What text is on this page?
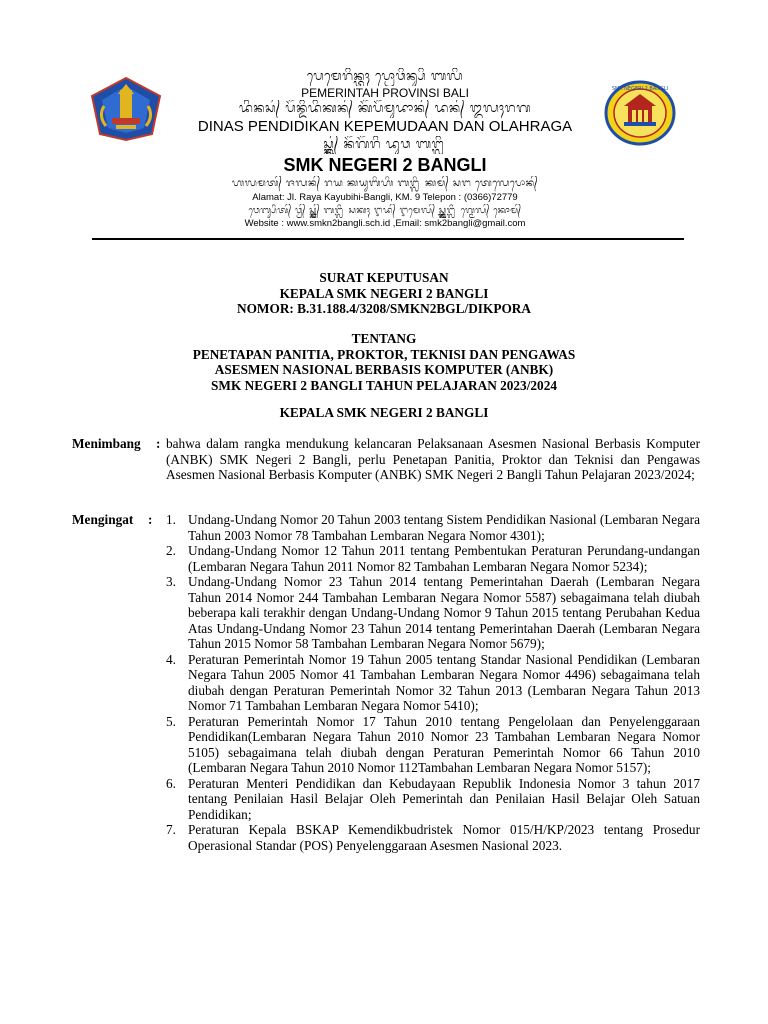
SMK NEGERI 2 BANGLI
ᬧᬾᬫᬾᬭᬶᬦ᭄ᬢᬄ ᬧ᭄ᬭᭀᬯᬶᬦ᭄ᬲᬶ ᬩᬮᬶ
PEMERINTAH PROVINSI BALI
ᬤᬶᬦᬲ᭄ ᬧᭂᬦ᭄ᬤᬶᬤᬶᬓᬦ᭄ ᬓᭂᬧᭂᬫᬸᬤᬵᬦ᭄ ᬤᬦ᭄ ᬑᬮᬄᬭᬕ
DINAS PENDIDIKAN KEPEMUDAAN DAN OLAHRAGA
ᬲ᭄ᬫ᭄ᬓ᭄ ᬦᭂᬕᭂᬭᬶ ᬤᬸᬯ ᬩᬗ᭄ᬮᬶ
SMK NEGERI 2 BANGLI
ᬳᬮᬫᬢ᭄ ᬚᬮᬦ᭄ ᬭᬬ ᬓᬬᬸᬩᬶᬳᬶ ᬩᬗ᭄ᬮᬶ ᬓᬫ᭄ ᬲᬗ ᬢᬾᬮᬾᬧᭀᬦ᭄
Alamat: Jl. Raya Kayubihi-Bangli, KM. 9 Telepon : (0366)72779
ᬯᬾᬩ᭄ᬲᬶᬢ᭄ ᬯ᭄ᬯ᭄ᬯ᭄ ᬲ᭄ᬫ᭄ᬓ᭄ᬦ᭄ ᬩᬗ᭄ᬮᬶ ᬲᬓᬄ ᬇᬤ᭄ ᬇᬫᬾᬮ᭄ ᬲ᭄ᬫ᭄ᬓ᭄ᬩᬗ᭄ᬮᬶ ᬕ᭄ᬫᬾᬮ᭄ ᬓᭀᬫ᭄
Website : www.smkn2bangli.sch.id ,Email: smk2bangli@gmail.com
SURAT KEPUTUSAN
KEPALA SMK NEGERI 2 BANGLI
NOMOR: B.31.188.4/3208/SMKN2BGL/DIKPORA
TENTANG
PENETAPAN PANITIA, PROKTOR, TEKNISI DAN PENGAWAS
ASESMEN NASIONAL BERBASIS KOMPUTER (ANBK)
SMK NEGERI 2 BANGLI TAHUN PELAJARAN 2023/2024
KEPALA SMK NEGERI 2 BANGLI
Menimbang : bahwa dalam rangka mendukung kelancaran Pelaksanaan Asesmen Nasional Berbasis Komputer (ANBK) SMK Negeri 2 Bangli, perlu Penetapan Panitia, Proktor dan Teknisi dan Pengawas Asesmen Nasional Berbasis Komputer (ANBK) SMK Negeri 2 Bangli Tahun Pelajaran 2023/2024;
Mengingat : 1. Undang-Undang Nomor 20 Tahun 2003 tentang Sistem Pendidikan Nasional (Lembaran Negara Tahun 2003 Nomor 78 Tambahan Lembaran Negara Nomor 4301);
2. Undang-Undang Nomor 12 Tahun 2011 tentang Pembentukan Peraturan Perundang-undangan (Lembaran Negara Tahun 2011 Nomor 82 Tambahan Lembaran Negara Nomor 5234);
3. Undang-Undang Nomor 23 Tahun 2014 tentang Pemerintahan Daerah (Lembaran Negara Tahun 2014 Nomor 244 Tambahan Lembaran Negara Nomor 5587) sebagaimana telah diubah beberapa kali terakhir dengan Undang-Undang Nomor 9 Tahun 2015 tentang Perubahan Kedua Atas Undang-Undang Nomor 23 Tahun 2014 tentang Pemerintahan Daerah (Lembaran Negara Tahun 2015 Nomor 58 Tambahan Lembaran Negara Nomor 5679);
4. Peraturan Pemerintah Nomor 19 Tahun 2005 tentang Standar Nasional Pendidikan (Lembaran Negara Tahun 2005 Nomor 41 Tambahan Lembaran Negara Nomor 4496) sebagaimana telah diubah dengan Peraturan Pemerintah Nomor 32 Tahun 2013 (Lembaran Negara Tahun 2013 Nomor 71 Tambahan Lembaran Negara Nomor 5410);
5. Peraturan Pemerintah Nomor 17 Tahun 2010 tentang Pengelolaan dan Penyelenggaraan Pendidikan(Lembaran Negara Tahun 2010 Nomor 23 Tambahan Lembaran Negara Nomor 5105) sebagaimana telah diubah dengan Peraturan Pemerintah Nomor 66 Tahun 2010 (Lembaran Negara Tahun 2010 Nomor 112Tambahan Lembaran Negara Nomor 5157);
6. Peraturan Menteri Pendidikan dan Kebudayaan Republik Indonesia Nomor 3 tahun 2017 tentang Penilaian Hasil Belajar Oleh Pemerintah dan Penilaian Hasil Belajar Oleh Satuan Pendidikan;
7. Peraturan Kepala BSKAP Kemendikbudristek Nomor 015/H/KP/2023 tentang Prosedur Operasional Standar (POS) Penyelenggaraan Asesmen Nasional 2023.
